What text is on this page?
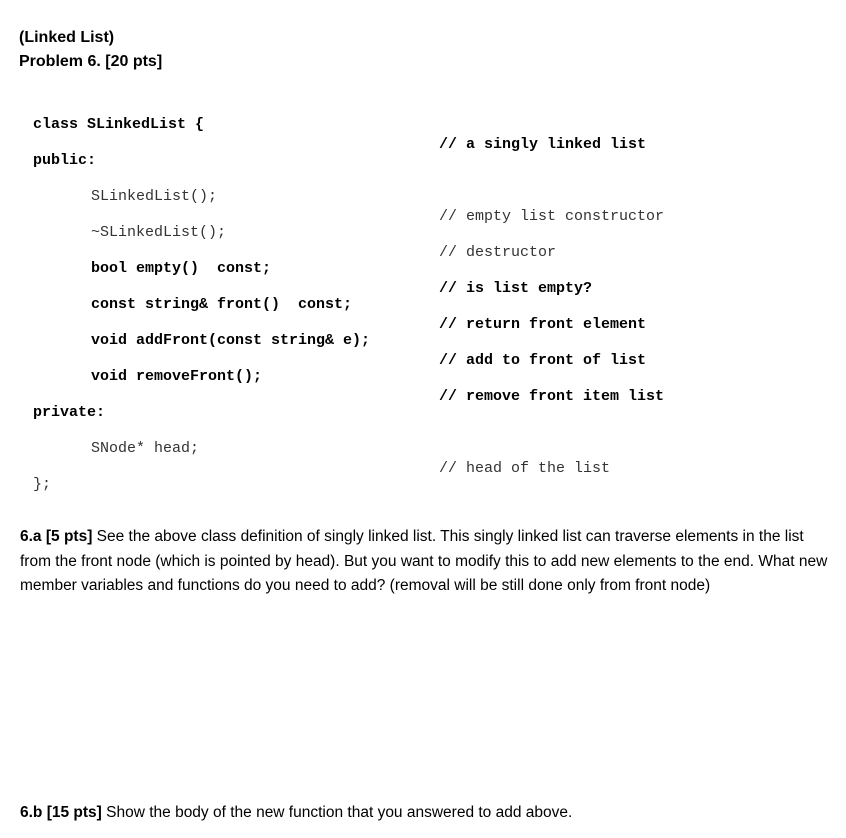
(Linked List)
Problem 6. [20 pts]

class SLinkedList {

// a singly linked list

public:

SLinkedList();

// empty list constructor

~SLinkedList();

// destructor

bool empty()  const;

// is list empty?

const string& front()  const;

// return front element

void addFront(const string& e);

// add to front of list

void removeFront();

// remove front item list

private:

SNode* head;

// head of the list

};

6.a [5 pts] See the above class definition of singly linked list. This singly linked list can traverse elements in the list from the front node (which is pointed by head). But you want to modify this to add new elements to the end. What new member variables and functions do you need to add? (removal will be still done only from front node)
6.b [15 pts] Show the body of the new function that you answered to add above.
